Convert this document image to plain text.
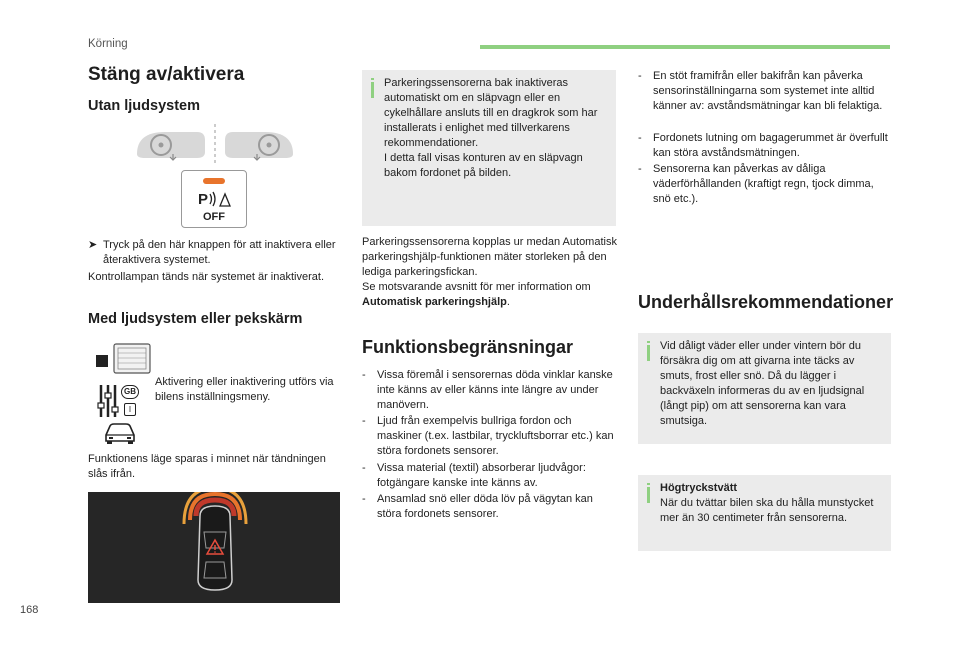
Körning
Stäng av/aktivera
Utan ljudsystem
P
OFF
➤ Tryck på den här knappen för att inaktivera eller återaktivera systemet.
Kontrollampan tänds när systemet är inaktiverat.
Med ljudsystem eller pekskärm
GB
I
Aktivering eller inaktivering utförs via bilens inställningsmeny.
Funktionens läge sparas i minnet när tändningen slås ifrån.
Parkeringssensorerna bak inaktiveras automatiskt om en släpvagn eller en cykelhållare ansluts till en dragkrok som har installerats i enlighet med tillverkarens rekommendationer.
I detta fall visas konturen av en släpvagn bakom fordonet på bilden.
Parkeringssensorerna kopplas ur medan Automatisk parkeringshjälp-funktionen mäter storleken på den lediga parkeringsfickan.
Se motsvarande avsnitt för mer information om
Automatisk parkeringshjälp.
Funktionsbegränsningar
- Vissa föremål i sensorernas döda vinklar kanske inte känns av eller känns inte längre av under manövern.
- Ljud från exempelvis bullriga fordon och maskiner (t.ex. lastbilar, tryckluftsborrar etc.) kan störa fordonets sensorer.
- Vissa material (textil) absorberar ljudvågor: fotgängare kanske inte känns av.
- Ansamlad snö eller döda löv på vägytan kan störa fordonets sensorer.
- En stöt framifrån eller bakifrån kan påverka sensorinställningarna som systemet inte alltid känner av: avståndsmätningar kan bli felaktiga.
- Fordonets lutning om bagagerummet är överfullt kan störa avståndsmätningen.
- Sensorerna kan påverkas av dåliga väderförhållanden (kraftigt regn, tjock dimma, snö etc.).
Underhållsrekommendationer
Vid dåligt väder eller under vintern bör du försäkra dig om att givarna inte täcks av smuts, frost eller snö. Då du lägger i backväxeln informeras du av en ljudsignal (långt pip) om att sensorerna kan vara smutsiga.
Högtryckstvätt
När du tvättar bilen ska du hålla munstycket mer än 30 centimeter från sensorerna.
168
